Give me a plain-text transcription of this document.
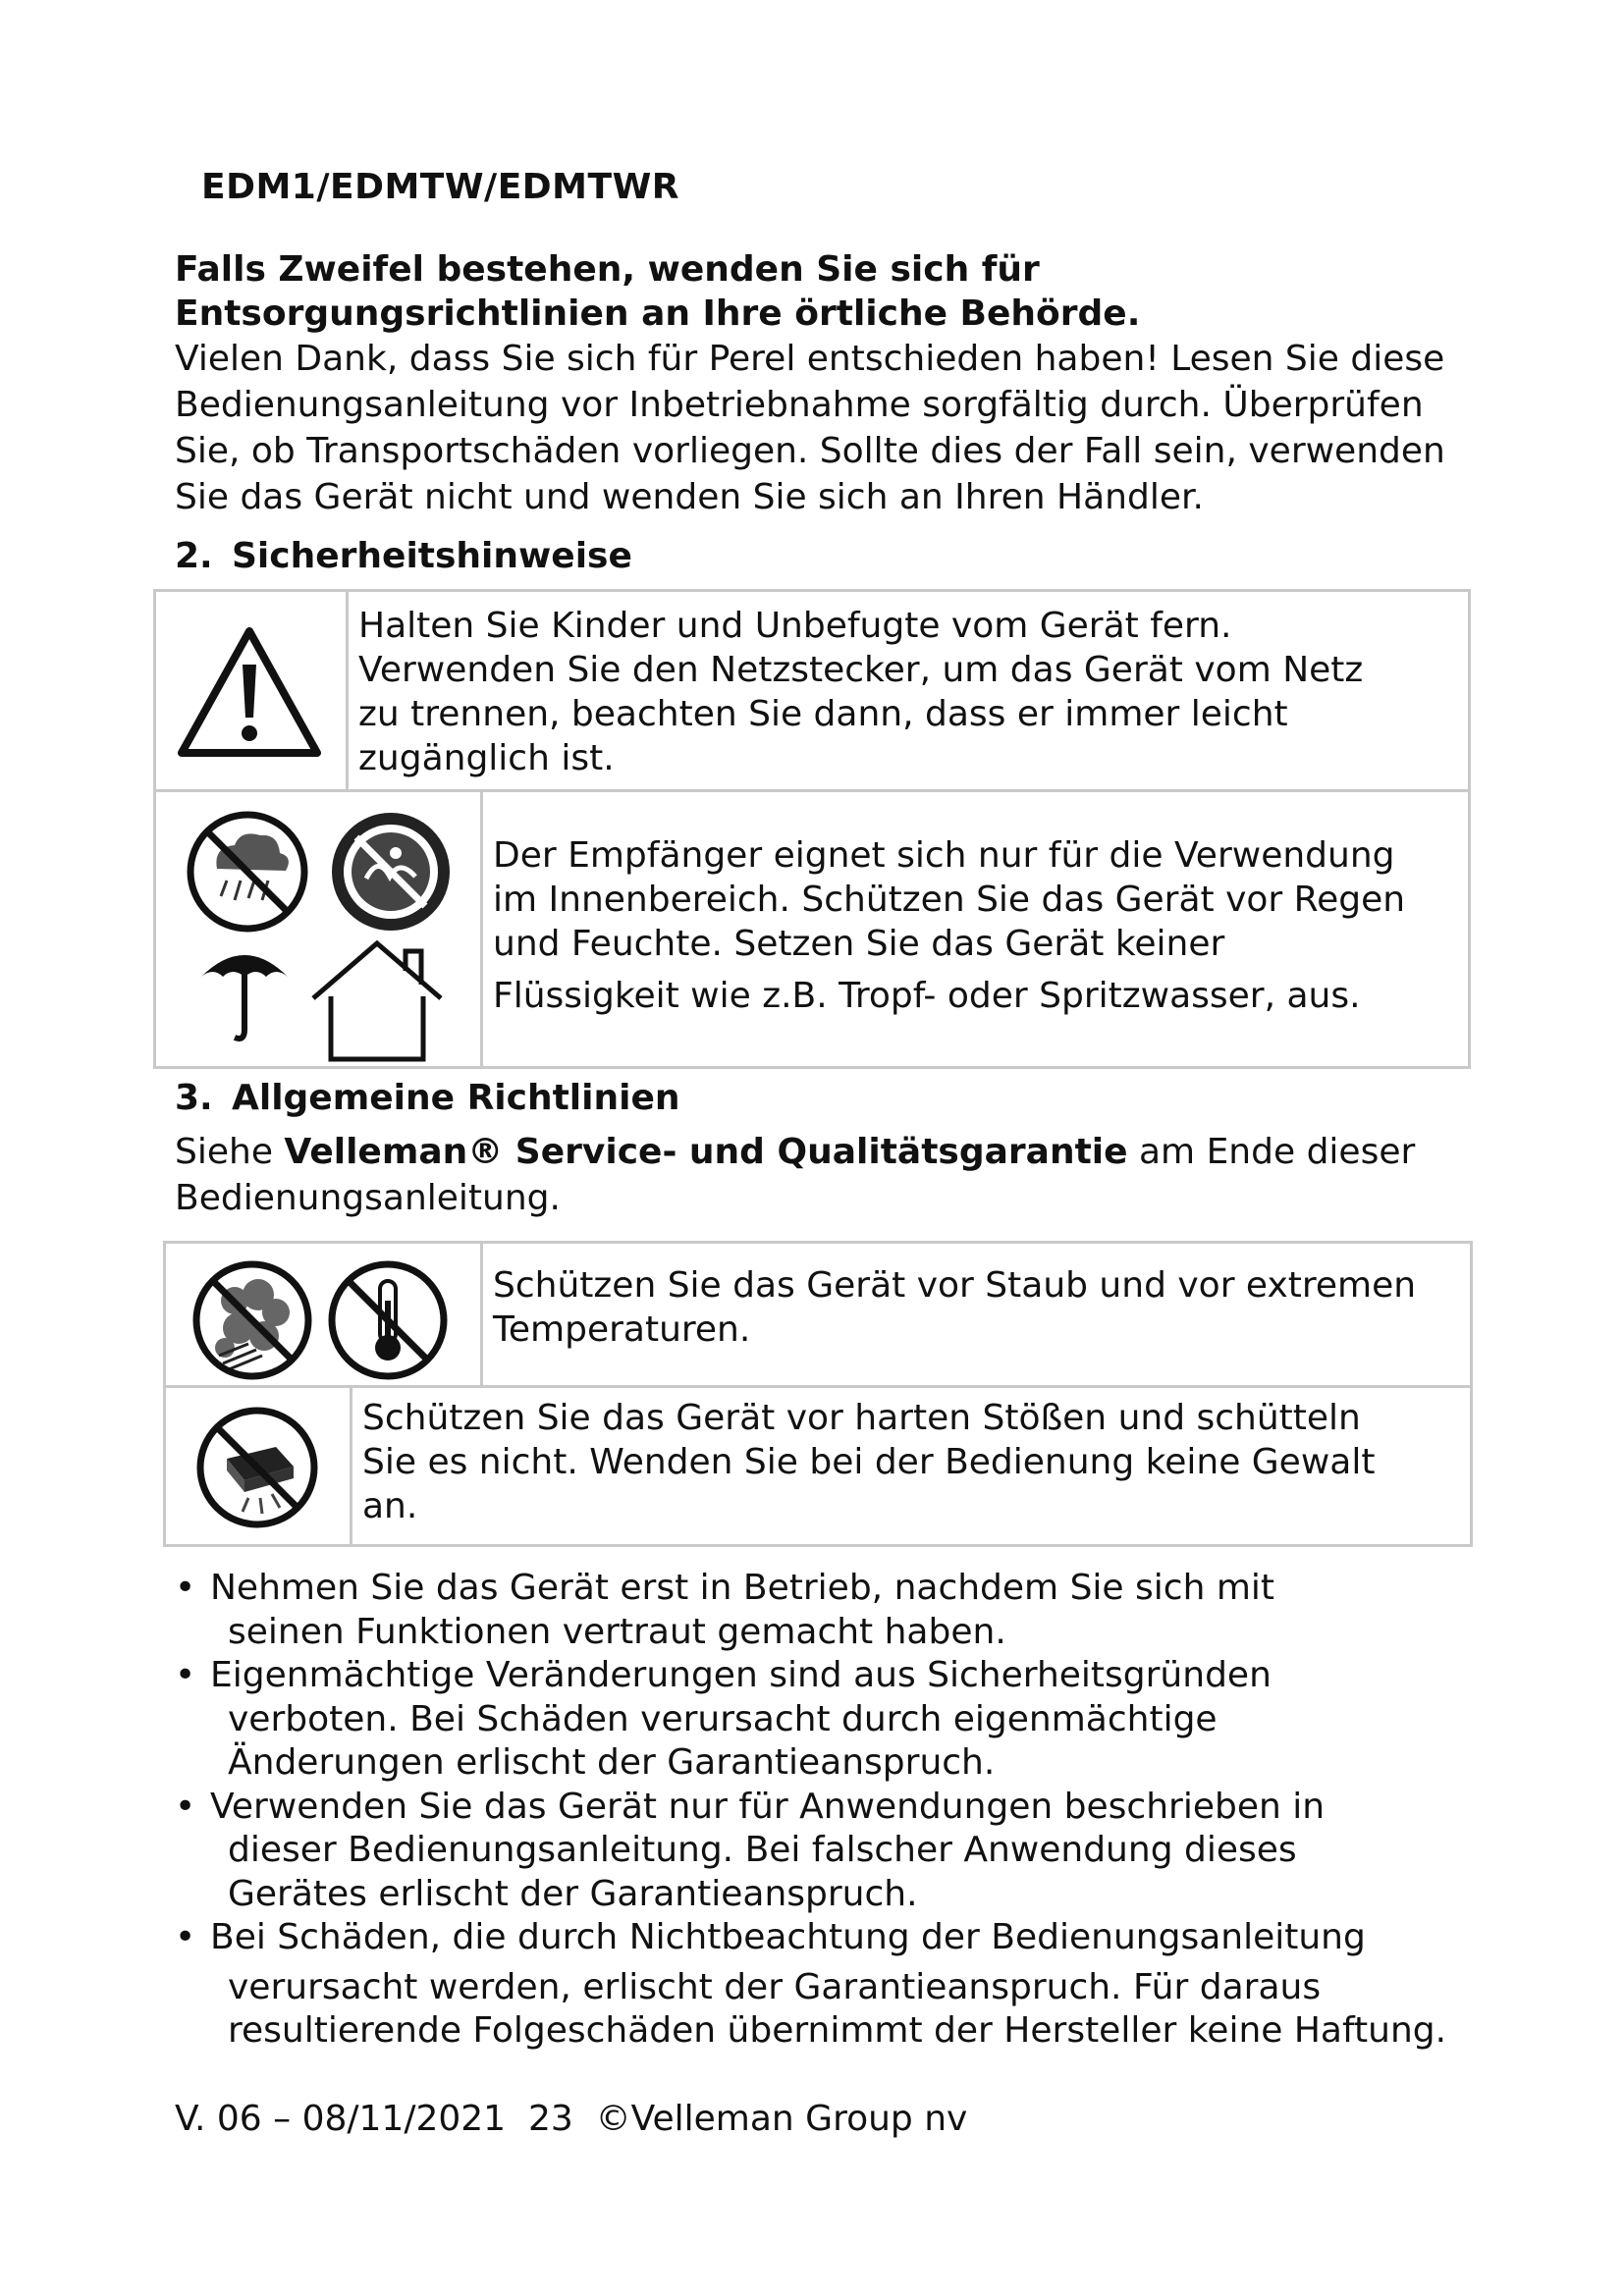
EDM1/EDMTW/EDMTWR
Falls Zweifel bestehen, wenden Sie sich für
Entsorgungsrichtlinien an Ihre örtliche Behörde.
Vielen Dank, dass Sie sich für Perel entschieden haben! Lesen Sie diese
Bedienungsanleitung vor Inbetriebnahme sorgfältig durch. Überprüfen
Sie, ob Transportschäden vorliegen. Sollte dies der Fall sein, verwenden
Sie das Gerät nicht und wenden Sie sich an Ihren Händler.
2. Sicherheitshinweise
Halten Sie Kinder und Unbefugte vom Gerät fern.
Verwenden Sie den Netzstecker, um das Gerät vom Netz
zu trennen, beachten Sie dann, dass er immer leicht
zugänglich ist.
Der Empfänger eignet sich nur für die Verwendung
im Innenbereich. Schützen Sie das Gerät vor Regen
und Feuchte. Setzen Sie das Gerät keiner
Flüssigkeit wie z.B. Tropf- oder Spritzwasser, aus.
3. Allgemeine Richtlinien
Siehe Velleman® Service- und Qualitätsgarantie am Ende dieser
Bedienungsanleitung.
Schützen Sie das Gerät vor Staub und vor extremen
Temperaturen.
Schützen Sie das Gerät vor harten Stößen und schütteln
Sie es nicht. Wenden Sie bei der Bedienung keine Gewalt
an.
• Nehmen Sie das Gerät erst in Betrieb, nachdem Sie sich mit
seinen Funktionen vertraut gemacht haben.
• Eigenmächtige Veränderungen sind aus Sicherheitsgründen
verboten. Bei Schäden verursacht durch eigenmächtige
Änderungen erlischt der Garantieanspruch.
• Verwenden Sie das Gerät nur für Anwendungen beschrieben in
dieser Bedienungsanleitung. Bei falscher Anwendung dieses
Gerätes erlischt der Garantieanspruch.
• Bei Schäden, die durch Nichtbeachtung der Bedienungsanleitung
verursacht werden, erlischt der Garantieanspruch. Für daraus
resultierende Folgeschäden übernimmt der Hersteller keine Haftung.
V. 06 – 08/11/2021 23 ©Velleman Group nv
